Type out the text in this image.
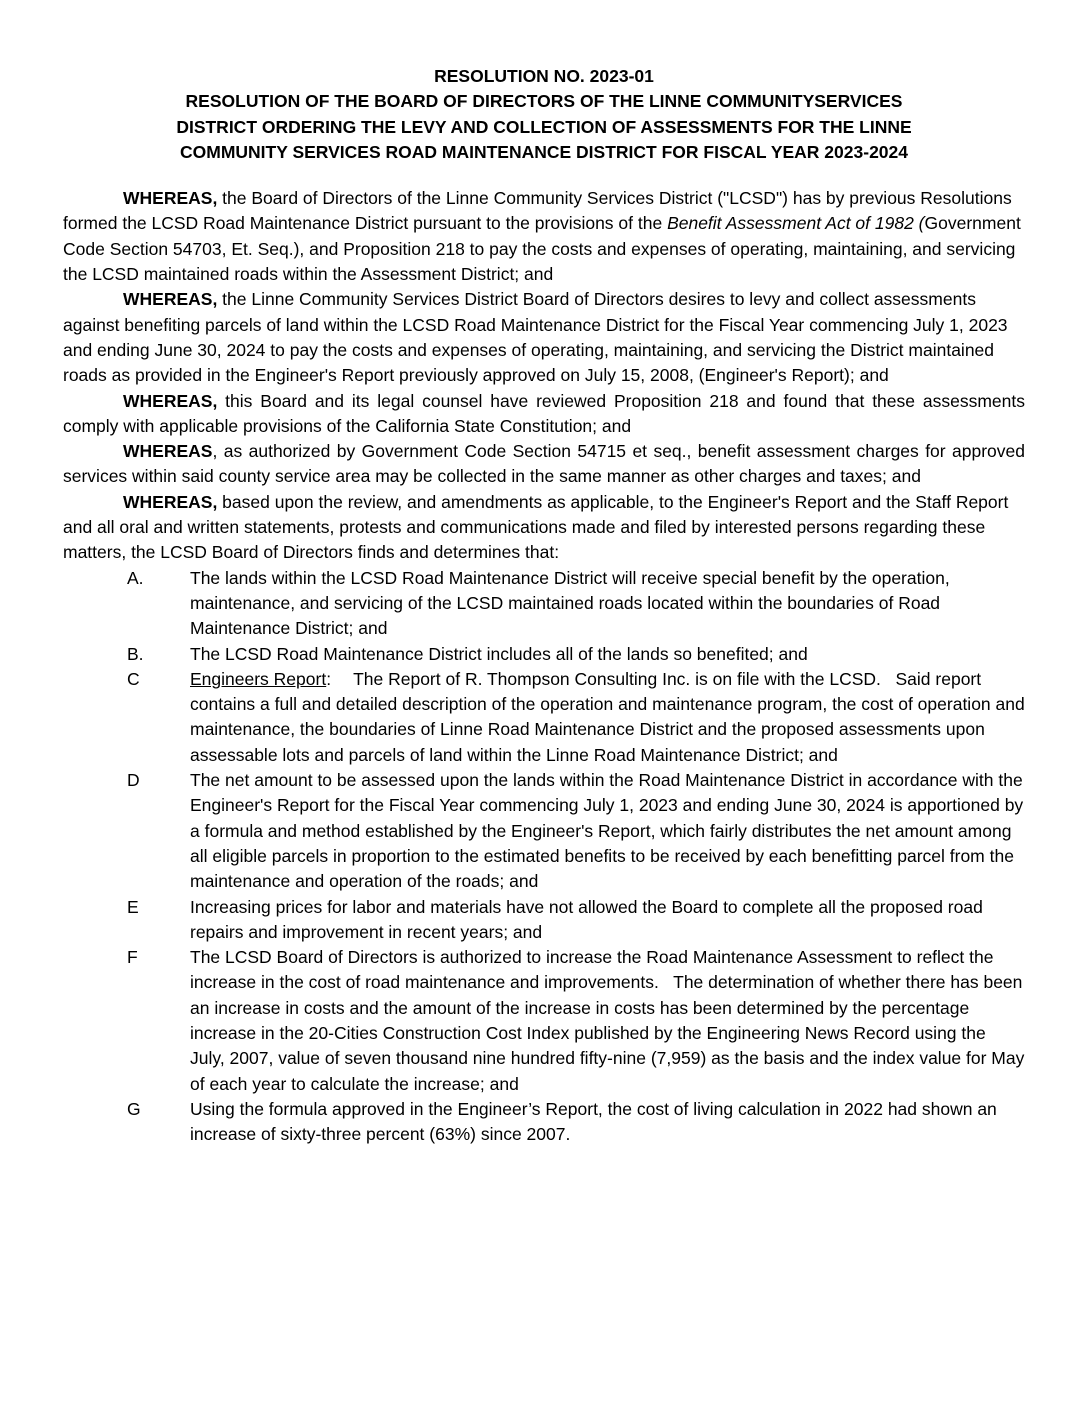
RESOLUTION NO. 2023-01
RESOLUTION OF THE BOARD OF DIRECTORS OF THE LINNE COMMUNITYSERVICES
DISTRICT ORDERING THE LEVY AND COLLECTION OF ASSESSMENTS FOR THE LINNE
COMMUNITY SERVICES ROAD MAINTENANCE DISTRICT FOR FISCAL YEAR 2023-2024
WHEREAS, the Board of Directors of the Linne Community Services District ("LCSD") has by previous Resolutions formed the LCSD Road Maintenance District pursuant to the provisions of the Benefit Assessment Act of 1982 (Government Code Section 54703, Et. Seq.), and Proposition 218 to pay the costs and expenses of operating, maintaining, and servicing the LCSD maintained roads within the Assessment District; and
WHEREAS, the Linne Community Services District Board of Directors desires to levy and collect assessments against benefiting parcels of land within the LCSD Road Maintenance District for the Fiscal Year commencing July 1, 2023 and ending June 30, 2024 to pay the costs and expenses of operating, maintaining, and servicing the District maintained roads as provided in the Engineer's Report previously approved on July 15, 2008, (Engineer's Report); and
WHEREAS, this Board and its legal counsel have reviewed Proposition 218 and found that these assessments comply with applicable provisions of the California State Constitution; and
WHEREAS, as authorized by Government Code Section 54715 et seq., benefit assessment charges for approved services within said county service area may be collected in the same manner as other charges and taxes; and
WHEREAS, based upon the review, and amendments as applicable, to the Engineer's Report and the Staff Report and all oral and written statements, protests and communications made and filed by interested persons regarding these matters, the LCSD Board of Directors finds and determines that:
A.	The lands within the LCSD Road Maintenance District will receive special benefit by the operation, maintenance, and servicing of the LCSD maintained roads located within the boundaries of Road Maintenance District; and
B.	The LCSD Road Maintenance District includes all of the lands so benefited; and
C	Engineers Report: The Report of R. Thompson Consulting Inc. is on file with the LCSD.   Said report contains a full and detailed description of the operation and maintenance program, the cost of operation and maintenance, the boundaries of Linne Road Maintenance District and the proposed assessments upon assessable lots and parcels of land within the Linne Road Maintenance District; and
D	The net amount to be assessed upon the lands within the Road Maintenance District in accordance with the Engineer's Report for the Fiscal Year commencing July 1, 2023 and ending June 30, 2024 is apportioned by a formula and method established by the Engineer's Report, which fairly distributes the net amount among all eligible parcels in proportion to the estimated benefits to be received by each benefitting parcel from the maintenance and operation of the roads; and
E	Increasing prices for labor and materials have not allowed the Board to complete all the proposed road repairs and improvement in recent years; and
F	The LCSD Board of Directors is authorized to increase the Road Maintenance Assessment to reflect the increase in the cost of road maintenance and improvements.   The determination of whether there has been an increase in costs and the amount of the increase in costs has been determined by the percentage increase in the 20-Cities Construction Cost Index published by the Engineering News Record using the July, 2007, value of seven thousand nine hundred fifty-nine (7,959) as the basis and the index value for May of each year to calculate the increase; and
G	Using the formula approved in the Engineer’s Report, the cost of living calculation in 2022 had shown an increase of sixty-three percent (63%) since 2007.
